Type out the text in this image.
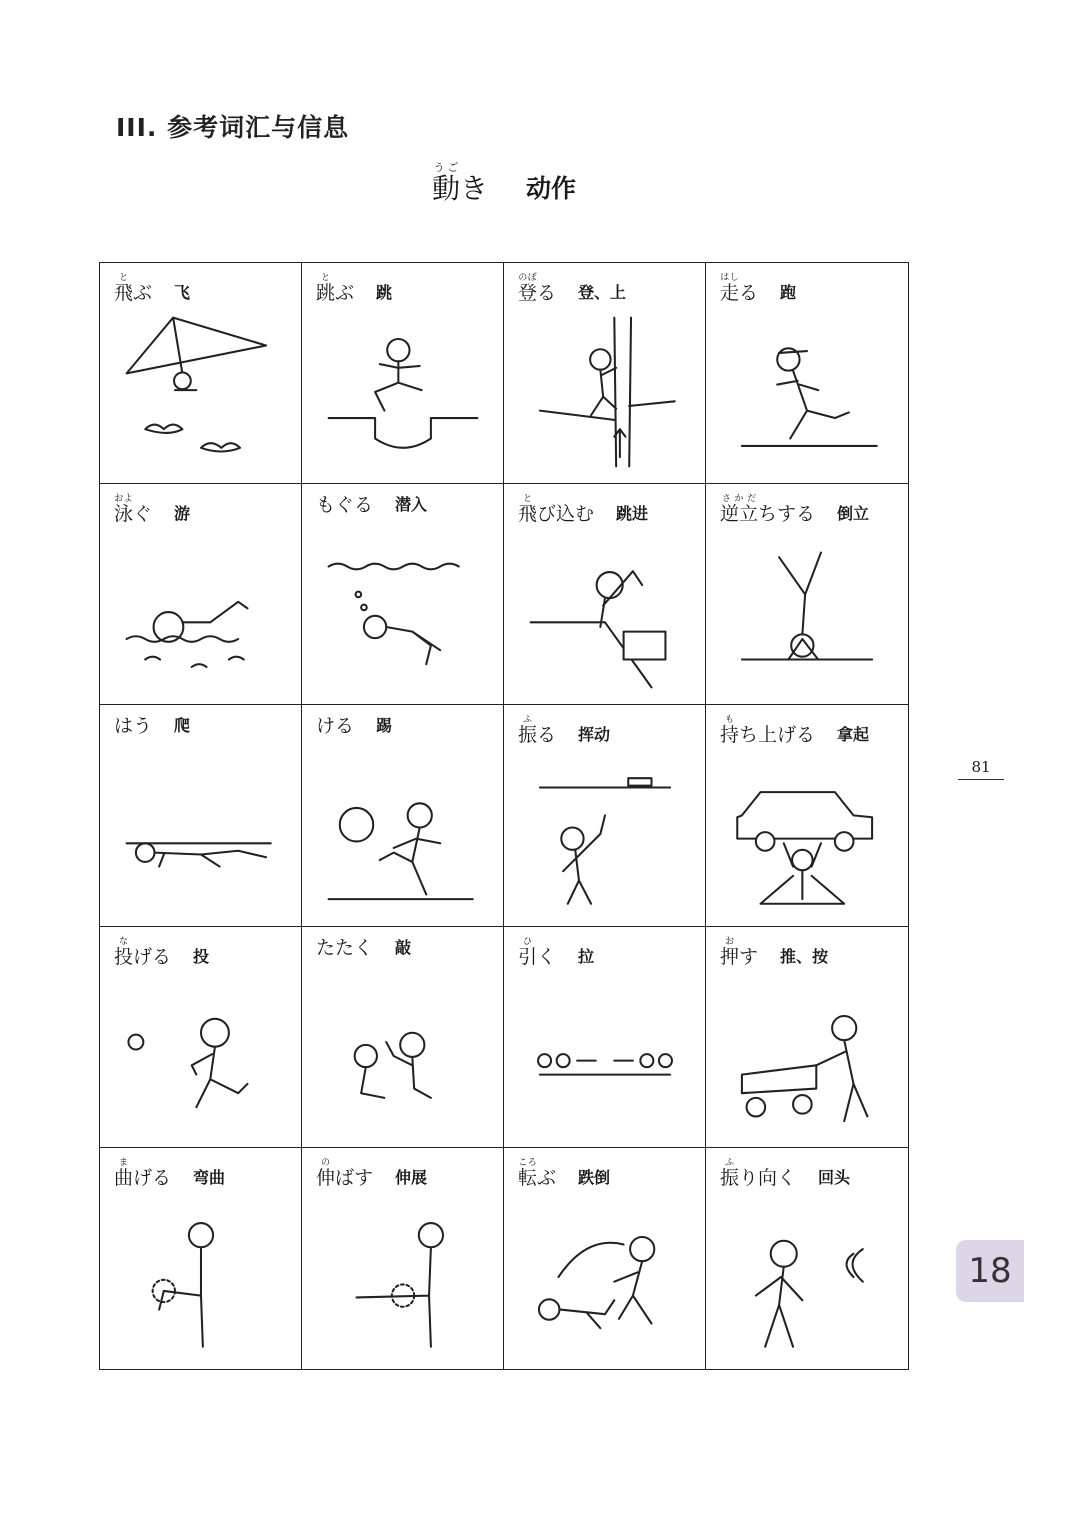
III. 参考词汇与信息
動うごき 动作
飛とぶ 飞	跳とぶ 跳	登のぼる 登、上	走はしる 跑
泳およぐ 游	もぐる 潜入	飛とび込む 跳进	逆立さかだちする 倒立
はう 爬	ける 踢	振ふる 挥动	持もち上げる 拿起
投なげる 投	たたく 敲	引ひく 拉	押おす 推、按
曲まげる 弯曲	伸のばす 伸展	転ころぶ 跌倒	振ふり向く 回头
81
18
